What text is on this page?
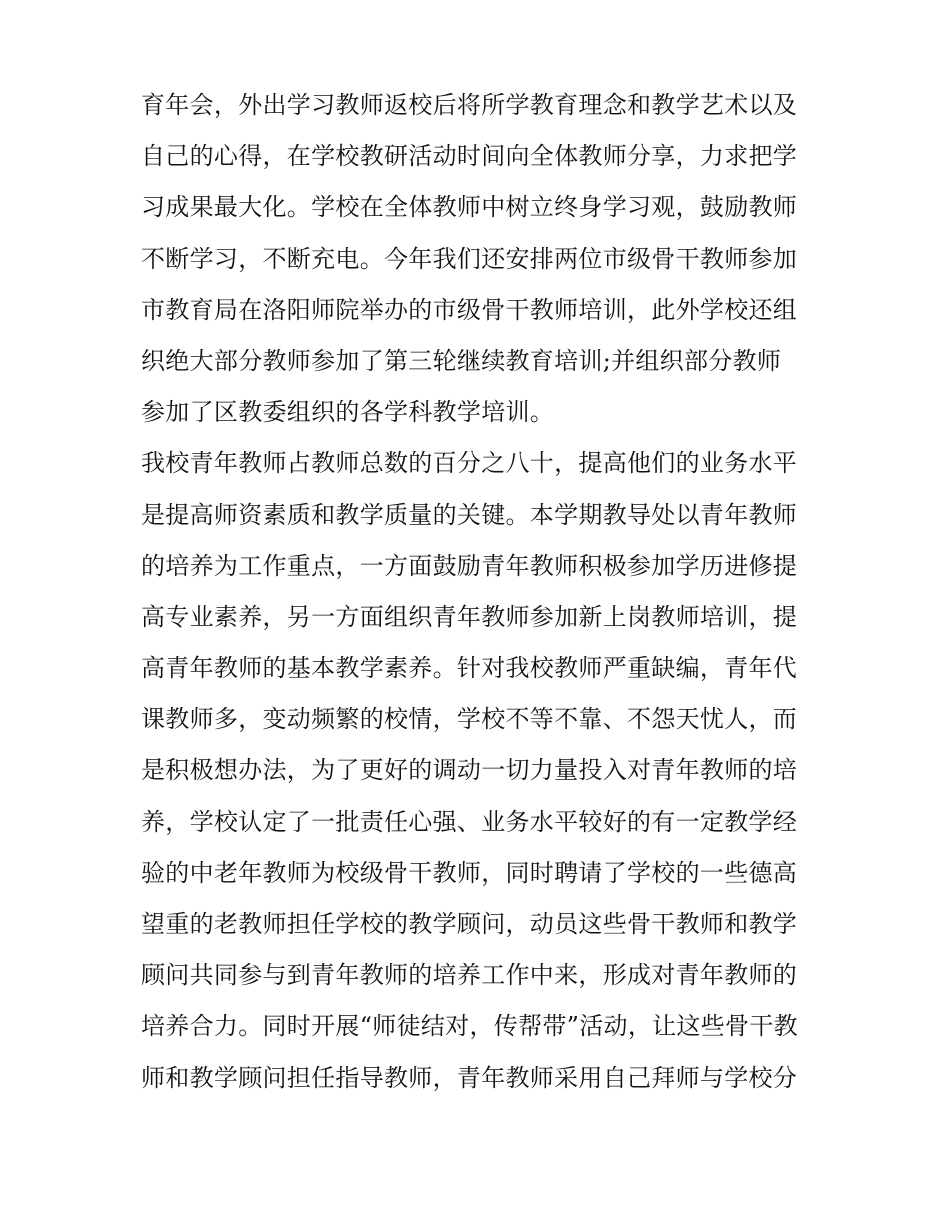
育年会，外出学习教师返校后将所学教育理念和教学艺术以及
自己的心得，在学校教研活动时间向全体教师分享，力求把学
习成果最大化。学校在全体教师中树立终身学习观，鼓励教师
不断学习，不断充电。今年我们还安排两位市级骨干教师参加
市教育局在洛阳师院举办的市级骨干教师培训，此外学校还组
织绝大部分教师参加了第三轮继续教育培训;并组织部分教师
参加了区教委组织的各学科教学培训。
我校青年教师占教师总数的百分之八十，提高他们的业务水平
是提高师资素质和教学质量的关键。本学期教导处以青年教师
的培养为工作重点，一方面鼓励青年教师积极参加学历进修提
高专业素养，另一方面组织青年教师参加新上岗教师培训，提
高青年教师的基本教学素养。针对我校教师严重缺编，青年代
课教师多，变动频繁的校情，学校不等不靠、不怨天忧人，而
是积极想办法，为了更好的调动一切力量投入对青年教师的培
养，学校认定了一批责任心强、业务水平较好的有一定教学经
验的中老年教师为校级骨干教师，同时聘请了学校的一些德高
望重的老教师担任学校的教学顾问，动员这些骨干教师和教学
顾问共同参与到青年教师的培养工作中来，形成对青年教师的
培养合力。同时开展“师徒结对，传帮带”活动，让这些骨干教
师和教学顾问担任指导教师，青年教师采用自己拜师与学校分
